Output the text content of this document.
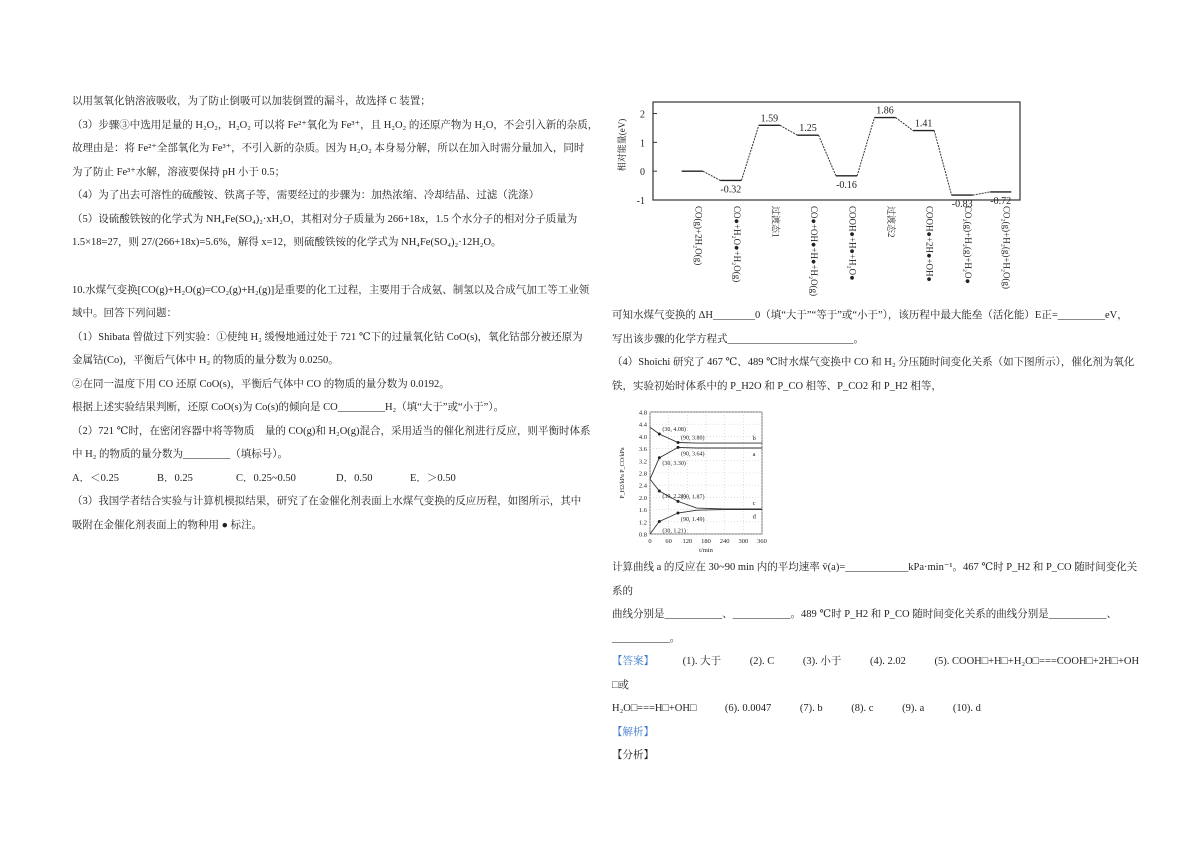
以用氢氧化钠溶液吸收，为了防止倒吸可以加装倒置的漏斗，故选择 C 装置；
（3）步骤③中选用足量的 H₂O₂，H₂O₂ 可以将 Fe²⁺氧化为 Fe³⁺，且 H₂O₂ 的还原产物为 H₂O，不会引入新的杂质，
故理由是：将 Fe²⁺全部氧化为 Fe³⁺，不引入新的杂质。因为 H₂O₂ 本身易分解，所以在加入时需分量加入，同时
为了防止 Fe³⁺水解，溶液要保持 pH 小于 0.5；
（4）为了出去可溶性的硫酸铵、铁离子等，需要经过的步骤为：加热浓缩、冷却结晶、过滤（洗涤）
（5）设硫酸铁铵的化学式为 NH₄Fe(SO₄)₂·xH₂O，其相对分子质量为 266+18x，1.5 个水分子的相对分子质量为
1.5×18=27，则 27/(266+18x)=5.6%，解得 x=12，则硫酸铁铵的化学式为 NH₄Fe(SO₄)₂·12H₂O。
10.水煤气变换[CO(g)+H₂O(g)=CO₂(g)+H₂(g)]是重要的化工过程，主要用于合成氨、制氢以及合成气加工等工业领
域中。回答下列问题：
（1）Shibata 曾做过下列实验：①使纯 H₂ 缓慢地通过处于 721 ℃下的过量氧化钴 CoO(s)，氧化钴部分被还原为
金属钴(Co)，平衡后气体中 H₂ 的物质的量分数为 0.0250。
②在同一温度下用 CO 还原 CoO(s)，平衡后气体中 CO 的物质的量分数为 0.0192。
根据上述实验结果判断，还原 CoO(s)为 Co(s)的倾向是 CO_________H₂（填“大于”或“小于”）。
（2）721 ℃时，在密闭容器中将等物质　量的 CO(g)和 H₂O(g)混合，采用适当的催化剂进行反应，则平衡时体系
中 H₂ 的物质的量分数为_________（填标号）。
A．＜0.25	B．0.25	C．0.25~0.50	D．0.50	E．＞0.50
（3）我国学者结合实验与计算机模拟结果，研究了在金催化剂表面上水煤气变换的反应历程，如图所示，其中
吸附在金催化剂表面上的物种用 ● 标注。
2
1
0
-1
相对能量(eV)
CO(g)+2H₂O(g)
-0.32
CO●+H₂O●+H₂O(g)
1.59
过渡态1
1.25
CO●+OH●+H●+H₂O(g)
-0.16
COOH●+H●+H₂O●
1.86
过渡态2
1.41
COOH●+2H●+OH●
-0.83
CO₂(g)+H₂(g)+H₂O●
-0.72
CO₂(g)+H₂(g)+H₂O(g)
可知水煤气变换的 ΔH________0（填“大于”“等于”或“小于”），该历程中最大能垒（活化能）E正=_________eV，
写出该步骤的化学方程式________________________。
（4）Shoichi 研究了 467 ℃、489 ℃时水煤气变换中 CO 和 H₂ 分压随时间变化关系（如下图所示），催化剂为氧化
铁，实验初始时体系中的 P_H2O 和 P_CO 相等、P_CO2 和 P_H2 相等，
0.8
1.2
1.6
2.0
2.4
2.8
3.2
3.6
4.0
4.4
4.8
0 60 120 180 240 300 360
t/min
P_H2/kPa P_CO/kPa
b
a
c
d
(30, 4.08)
(90, 3.80)
(90, 3.64)
(30, 3.30)
(30, 2.21)
(90, 1.87)
(90, 1.49)
(30, 1.21)
计算曲线 a 的反应在 30~90 min 内的平均速率 v̄(a)=____________kPa·min⁻¹。467 ℃时 P_H2 和 P_CO 随时间变化关系的
曲线分别是___________、___________。489 ℃时 P_H2 和 P_CO 随时间变化关系的曲线分别是___________、
___________。
【答案】	(1). 大于	(2). C	(3). 小于	(4). 2.02	(5). COOH□+H□+H₂O□===COOH□+2H□+OH□或
H₂O□===H□+OH□	(6). 0.0047	(7). b	(8). c	(9). a	(10). d
【解析】
【分析】
